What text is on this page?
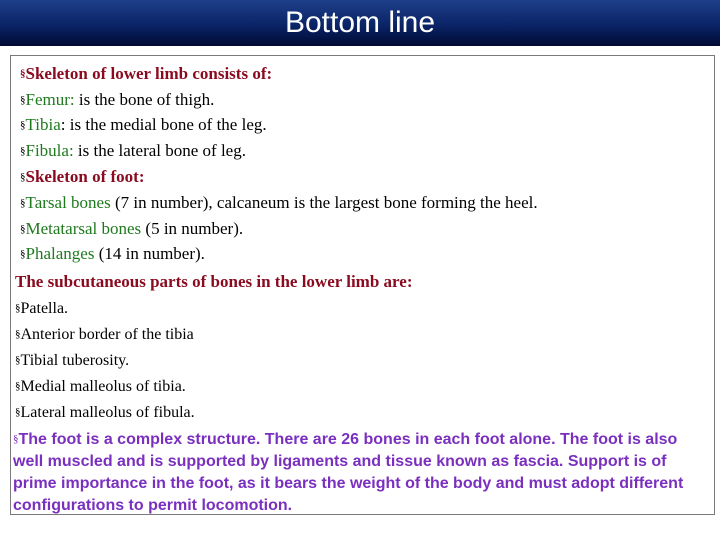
Bottom line
§Skeleton of lower limb consists of:
§Femur: is the bone of thigh.
§Tibia: is the medial bone of the leg.
§Fibula: is the lateral bone of leg.
§Skeleton of foot:
§Tarsal bones (7 in number), calcaneum is the largest bone forming the heel.
§Metatarsal bones (5 in number).
§Phalanges (14 in number).
The subcutaneous parts of bones in the lower limb are:
§Patella.
§Anterior border of the tibia
§Tibial tuberosity.
§Medial malleolus of tibia.
§Lateral malleolus of fibula.
§The foot is a complex structure. There are 26 bones in each foot alone. The foot is also well muscled and is supported by ligaments and tissue known as fascia. Support is of prime importance in the foot, as it bears the weight of the body and must adopt different configurations to permit locomotion.
